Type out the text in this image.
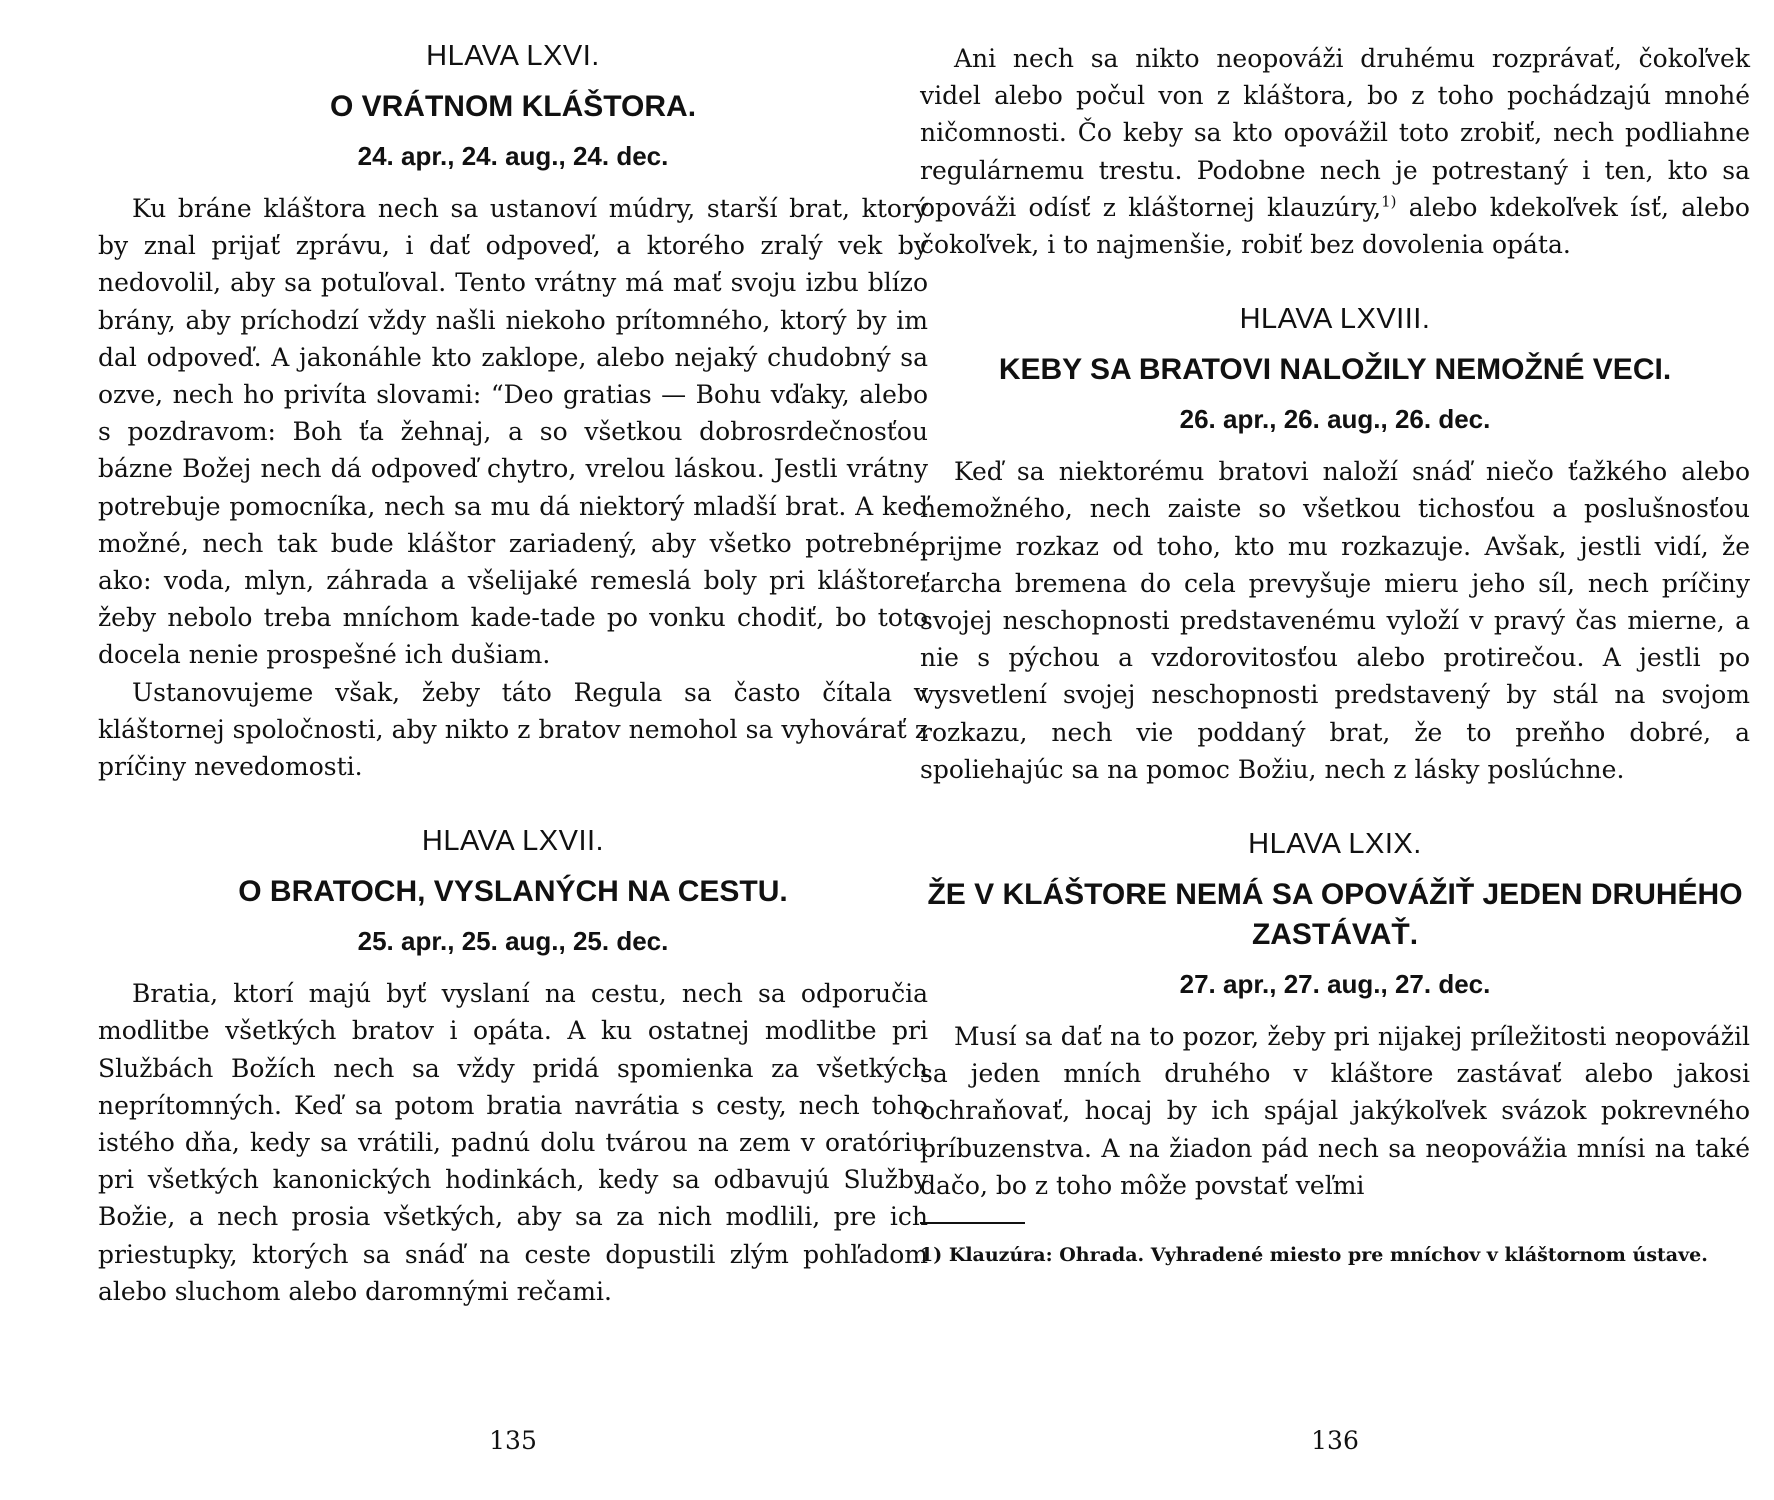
HLAVA LXVI.
O VRÁTNOM KLÁŠTORA.
24. apr., 24. aug., 24. dec.

Ku bráne kláštora nech sa ustanoví múdry, starší brat, ktorý by znal prijať zprávu, i dať odpoveď, a ktorého zralý vek by nedovolil, aby sa potuľoval. Tento vrátny má mať svoju izbu blízo brány, aby príchodzí vždy našli niekoho prítomného, ktorý by im dal odpoveď. A jakonáhle kto zaklope, alebo nejaký chudobný sa ozve, nech ho privíta slovami: “Deo gratias — Bohu vďaky, alebo s pozdravom: Boh ťa žehnaj, a so všetkou dobrosrdečnosťou bázne Božej nech dá odpoveď chytro, vrelou láskou. Jestli vrátny potrebuje pomocníka, nech sa mu dá niektorý mladší brat. A keď možné, nech tak bude kláštor zariadený, aby všetko potrebné, ako: voda, mlyn, záhrada a všelijaké remeslá boly pri kláštore, žeby nebolo treba mníchom kade-tade po vonku chodiť, bo toto docela nenie prospešné ich dušiam.

Ustanovujeme však, žeby táto Regula sa často čítala v kláštornej spoločnosti, aby nikto z bratov nemohol sa vyhovárať z príčiny nevedomosti.

HLAVA LXVII.
O BRATOCH, VYSLANÝCH NA CESTU.
25. apr., 25. aug., 25. dec.

Bratia, ktorí majú byť vyslaní na cestu, nech sa odporučia modlitbe všetkých bratov i opáta. A ku ostatnej modlitbe pri Službách Božích nech sa vždy pridá spomienka za všetkých neprítomných. Keď sa potom bratia navrátia s cesty, nech toho istého dňa, kedy sa vrátili, padnú dolu tvárou na zem v oratóriu pri všetkých kanonických hodinkách, kedy sa odbavujú Služby Božie, a nech prosia všetkých, aby sa za nich modlili, pre ich priestupky, ktorých sa snáď na ceste dopustili zlým pohľadom alebo sluchom alebo daromnými rečami.

135

Ani nech sa nikto neopováži druhému rozprávať, čokoľvek videl alebo počul von z kláštora, bo z toho pochádzajú mnohé ničomnosti. Čo keby sa kto opovážil toto zrobiť, nech podliahne regulárnemu trestu. Podobne nech je potrestaný i ten, kto sa opováži odísť z kláštornej klauzúry,$^{1)}$ alebo kdekoľvek ísť, alebo čokoľvek, i to najmenšie, robiť bez dovolenia opáta.

HLAVA LXVIII.
KEBY SA BRATOVI NALOŽILY NEMOŽNÉ VECI.
26. apr., 26. aug., 26. dec.

Keď sa niektorému bratovi naloží snáď niečo ťažkého alebo nemožného, nech zaiste so všetkou tichosťou a poslušnosťou prijme rozkaz od toho, kto mu rozkazuje. Avšak, jestli vidí, že ťarcha bremena do cela prevyšuje mieru jeho síl, nech príčiny svojej neschopnosti predstavenému vyloží v pravý čas mierne, a nie s pýchou a vzdorovitosťou alebo protirečou. A jestli po vysvetlení svojej neschopnosti predstavený by stál na svojom rozkazu, nech vie poddaný brat, že to preňho dobré, a spoliehajúc sa na pomoc Božiu, nech z lásky poslúchne.

HLAVA LXIX.
ŽE V KLÁŠTORE NEMÁ SA OPOVÁŽIŤ JEDEN DRUHÉHO ZASTÁVAŤ.
27. apr., 27. aug., 27. dec.

Musí sa dať na to pozor, žeby pri nijakej príležitosti neopovážil sa jeden mních druhého v kláštore zastávať alebo jakosi ochraňovať, hocaj by ich spájal jakýkoľvek svázok pokrevného príbuzenstva. A na žiadon pád nech sa neopovážia mnísi na také dačo, bo z toho môže povstať veľmi

1) Klauzúra: Ohrada. Vyhradené miesto pre mníchov v kláštornom ústave.

136
